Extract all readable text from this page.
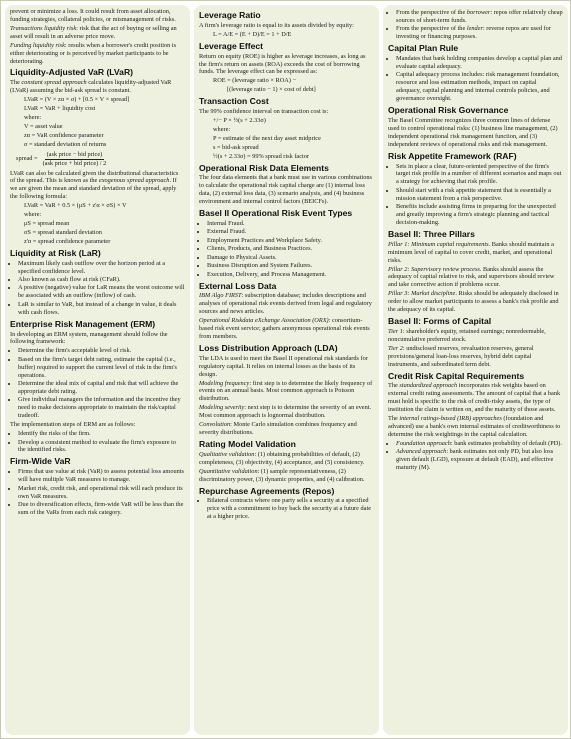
prevent or minimize a loss. It could result from asset allocation, funding strategies, collateral policies, or mismanagement of risks.

Transactions liquidity risk: risk that the act of buying or selling an asset will result in an adverse price move.

Funding liquidity risk: results when a borrower's credit position is either deteriorating or is perceived by market participants to be deteriorating.

Liquidity-Adjusted VaR (LVaR)

The constant spread approach calculates liquidity-adjusted VaR (LVaR) assuming the bid-ask spread is constant.

LVaR = (V × zα × σ) + [0.5 × V × spread]
LVaR = VaR + liquidity cost
where:
V = asset value
zα = VaR confidence parameter
σ = standard deviation of returns
spread = $\frac{\text{(ask price − bid price)}}{\text{(ask price + bid price) / 2}}$

LVaR can also be calculated given the distributional characteristics of the spread. This is known as the exogenous spread approach. If we are given the mean and standard deviation of the spread, apply the following formula:

LVaR = VaR + 0.5 × (μS + z'α × σS) × V
where:
μS = spread mean
σS = spread standard deviation
z'α = spread confidence parameter
Liquidity at Risk (LaR)
• Maximum likely cash outflow over the horizon period at a specified confidence level.
• Also known as cash flow at risk (CFaR).
• A positive (negative) value for LaR means the worst outcome will be associated with an outflow (inflow) of cash.
• LaR is similar to VaR, but instead of a change in value, it deals with cash flows.
Enterprise Risk Management (ERM)

In developing an ERM system, management should follow the following framework:

• Determine the firm's acceptable level of risk.
• Based on the firm's target debt rating, estimate the capital (i.e., buffer) required to support the current level of risk in the firm's operations.
• Determine the ideal mix of capital and risk that will achieve the appropriate debt rating.
• Give individual managers the information and the incentive they need to make decisions appropriate to maintain the risk/capital tradeoff.

The implementation steps of ERM are as follows:

• Identify the risks of the firm.
• Develop a consistent method to evaluate the firm's exposure to the identified risks.
Firm-Wide VaR
• Firms that use value at risk (VaR) to assess potential loss amounts will have multiple VaR measures to manage.
• Market risk, credit risk, and operational risk will each produce its own VaR measures.
• Due to diversification effects, firm-wide VaR will be less than the sum of the VaRs from each risk category.
Leverage Ratio

A firm's leverage ratio is equal to its assets divided by equity:

L = A/E = (E + D)/E = 1 + D/E
Leverage Effect

Return on equity (ROE) is higher as leverage increases, as long as the firm's return on assets (ROA) exceeds the cost of borrowing funds. The leverage effect can be expressed as:

ROE = (leverage ratio × ROA) −
[(leverage ratio − 1) × cost of debt]
Transaction Cost

The 99% confidence interval on transaction cost is:

+/− P × ½(s + 2.33σ)
where:
P = estimate of the next day asset midprice
s = bid-ask spread
½(s + 2.33σ) = 99% spread risk factor
Operational Risk Data Elements

The four data elements that a bank must use in various combinations to calculate the operational risk capital charge are (1) internal loss data, (2) external loss data, (3) scenario analysis, and (4) business environment and internal control factors (BEICFs).

Basel II Operational Risk Event Types
• Internal Fraud.
• External Fraud.
• Employment Practices and Workplace Safety.
• Clients, Products, and Business Practices.
• Damage to Physical Assets.
• Business Disruption and System Failures.
• Execution, Delivery, and Process Management.
External Loss Data

IBM Algo FIRST: subscription database; includes descriptions and analyses of operational risk events derived from legal and regulatory sources and news articles.

Operational Riskdata eXchange Association (ORX): consortium-based risk event service; gathers anonymous operational risk events from members.

Loss Distribution Approach (LDA)

The LDA is used to meet the Basel II operational risk standards for regulatory capital. It relies on internal losses as the basis of its design.

Modeling frequency: first step is to determine the likely frequency of events on an annual basis. Most common approach is Poisson distribution.

Modeling severity: next step is to determine the severity of an event. Most common approach is lognormal distribution.

Convolution: Monte Carlo simulation combines frequency and severity distributions.

Rating Model Validation

Qualitative validation: (1) obtaining probabilities of default, (2) completeness, (3) objectivity, (4) acceptance, and (5) consistency.

Quantitative validation: (1) sample representativeness, (2) discriminatory power, (3) dynamic properties, and (4) calibration.

Repurchase Agreements (Repos)
• Bilateral contracts where one party sells a security at a specified price with a commitment to buy back the security at a future date at a higher price.
• From the perspective of the borrower: repos offer relatively cheap sources of short-term funds.
• From the perspective of the lender: reverse repos are used for investing or financing purposes.
Capital Plan Rule
• Mandates that bank holding companies develop a capital plan and evaluate capital adequacy.
• Capital adequacy process includes: risk management foundation, resource and loss estimation methods, impact on capital adequacy, capital planning and internal controls policies, and governance oversight.
Operational Risk Governance

The Basel Committee recognizes three common lines of defense used to control operational risks: (1) business line management, (2) independent operational risk management function, and (3) independent reviews of operational risks and risk management.

Risk Appetite Framework (RAF)
• Sets in place a clear, future-oriented perspective of the firm's target risk profile in a number of different scenarios and maps out a strategy for achieving that risk profile.
• Should start with a risk appetite statement that is essentially a mission statement from a risk perspective.
• Benefits include assisting firms in preparing for the unexpected and greatly improving a firm's strategic planning and tactical decision-making.
Basel II: Three Pillars

Pillar 1: Minimum capital requirements. Banks should maintain a minimum level of capital to cover credit, market, and operational risks.

Pillar 2: Supervisory review process. Banks should assess the adequacy of capital relative to risk, and supervisors should review and take corrective action if problems occur.

Pillar 3: Market discipline. Risks should be adequately disclosed in order to allow market participants to assess a bank's risk profile and the adequacy of its capital.

Basel II: Forms of Capital

Tier 1: shareholder's equity, retained earnings; nonredeemable, noncumulative preferred stock.

Tier 2: undisclosed reserves, revaluation reserves, general provisions/general loan-loss reserves, hybrid debt capital instruments, and subordinated term debt.

Credit Risk Capital Requirements

The standardized approach incorporates risk weights based on external credit rating assessments. The amount of capital that a bank must hold is specific to the risk of credit-risky assets, the type of institution the claim is written on, and the maturity of those assets.

The internal ratings-based (IRB) approaches (foundation and advanced) use a bank's own internal estimates of creditworthiness to determine the risk weightings in the capital calculation.

• Foundation approach: bank estimates probability of default (PD).
• Advanced approach: bank estimates not only PD, but also loss given default (LGD), exposure at default (EAD), and effective maturity (M).
